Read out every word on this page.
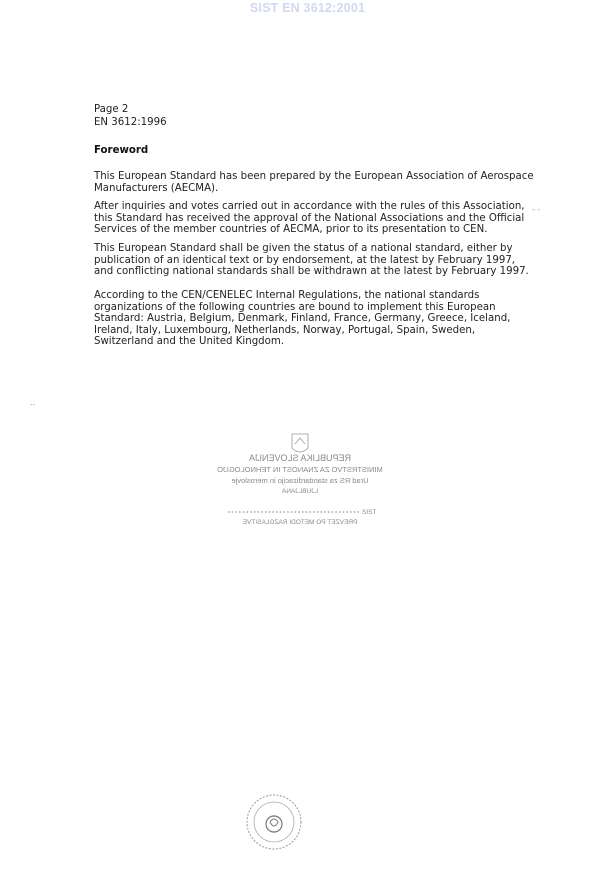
SIST EN 3612:2001
Page 2
EN 3612:1996
Foreword

This European Standard has been prepared by the European Association of Aerospace Manufacturers (AECMA).

After inquiries and votes carried out in accordance with the rules of this Association, this Standard has received the approval of the National Associations and the Official Services of the member countries of AECMA, prior to its presentation to CEN.

This European Standard shall be given the status of a national standard, either by publication of an identical text or by endorsement, at the latest by February 1997, and conflicting national standards shall be withdrawn at the latest by February 1997.

According to the CEN/CENELEC Internal Regulations, the national standards organizations of the following countries are bound to implement this European Standard: Austria, Belgium, Denmark, Finland, France, Germany, Greece, Iceland, Ireland, Italy, Luxembourg, Netherlands, Norway, Portugal, Spain, Sweden, Switzerland and the United Kingdom.

- -
..
REPUBLIKA SLOVENIJA
MINISTRSTVO ZA ZNANOST IN TEHNOLOGIJO
Urad RS za standardizacijo in meroslovje
LJUBLJANA
PREVZET PO METODI RAZGLASITVE
SIST
